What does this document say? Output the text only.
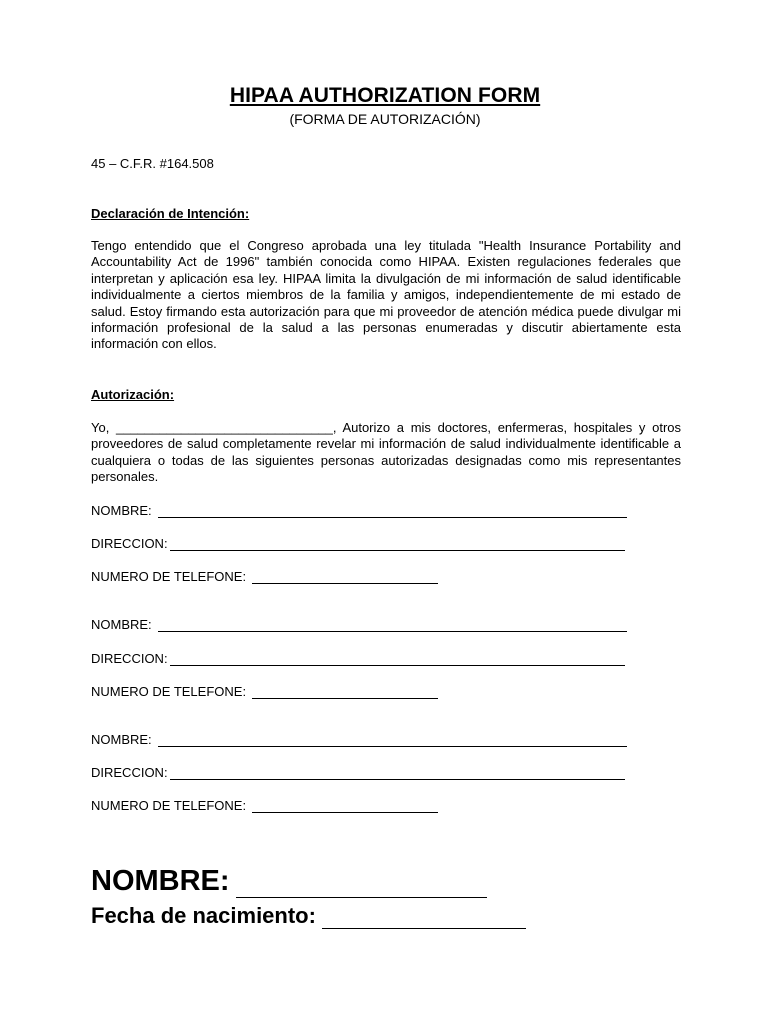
HIPAA AUTHORIZATION FORM
(FORMA DE AUTORIZACIÓN)
45 – C.F.R. #164.508
Declaración de Intención:
Tengo entendido que el Congreso aprobada una ley titulada "Health Insurance Portability and Accountability Act de 1996" también conocida como HIPAA. Existen regulaciones federales que interpretan y aplicación esa ley. HIPAA limita la divulgación de mi información de salud identificable individualmente a ciertos miembros de la familia y amigos, independientemente de mi estado de salud. Estoy firmando esta autorización para que mi proveedor de atención médica puede divulgar mi información profesional de la salud a las personas enumeradas y discutir abiertamente esta información con ellos.
Autorización:
Yo, ______________________________, Autorizo a mis doctores, enfermeras, hospitales y otros proveedores de salud completamente revelar mi información de salud individualmente identificable a cualquiera o todas de las siguientes personas autorizadas designadas como mis representantes personales.
NOMBRE:
DIRECCION:
NUMERO DE TELEFONE:
NOMBRE:
DIRECCION:
NUMERO DE TELEFONE:
NOMBRE:
DIRECCION:
NUMERO DE TELEFONE:
NOMBRE:
Fecha de nacimiento:
